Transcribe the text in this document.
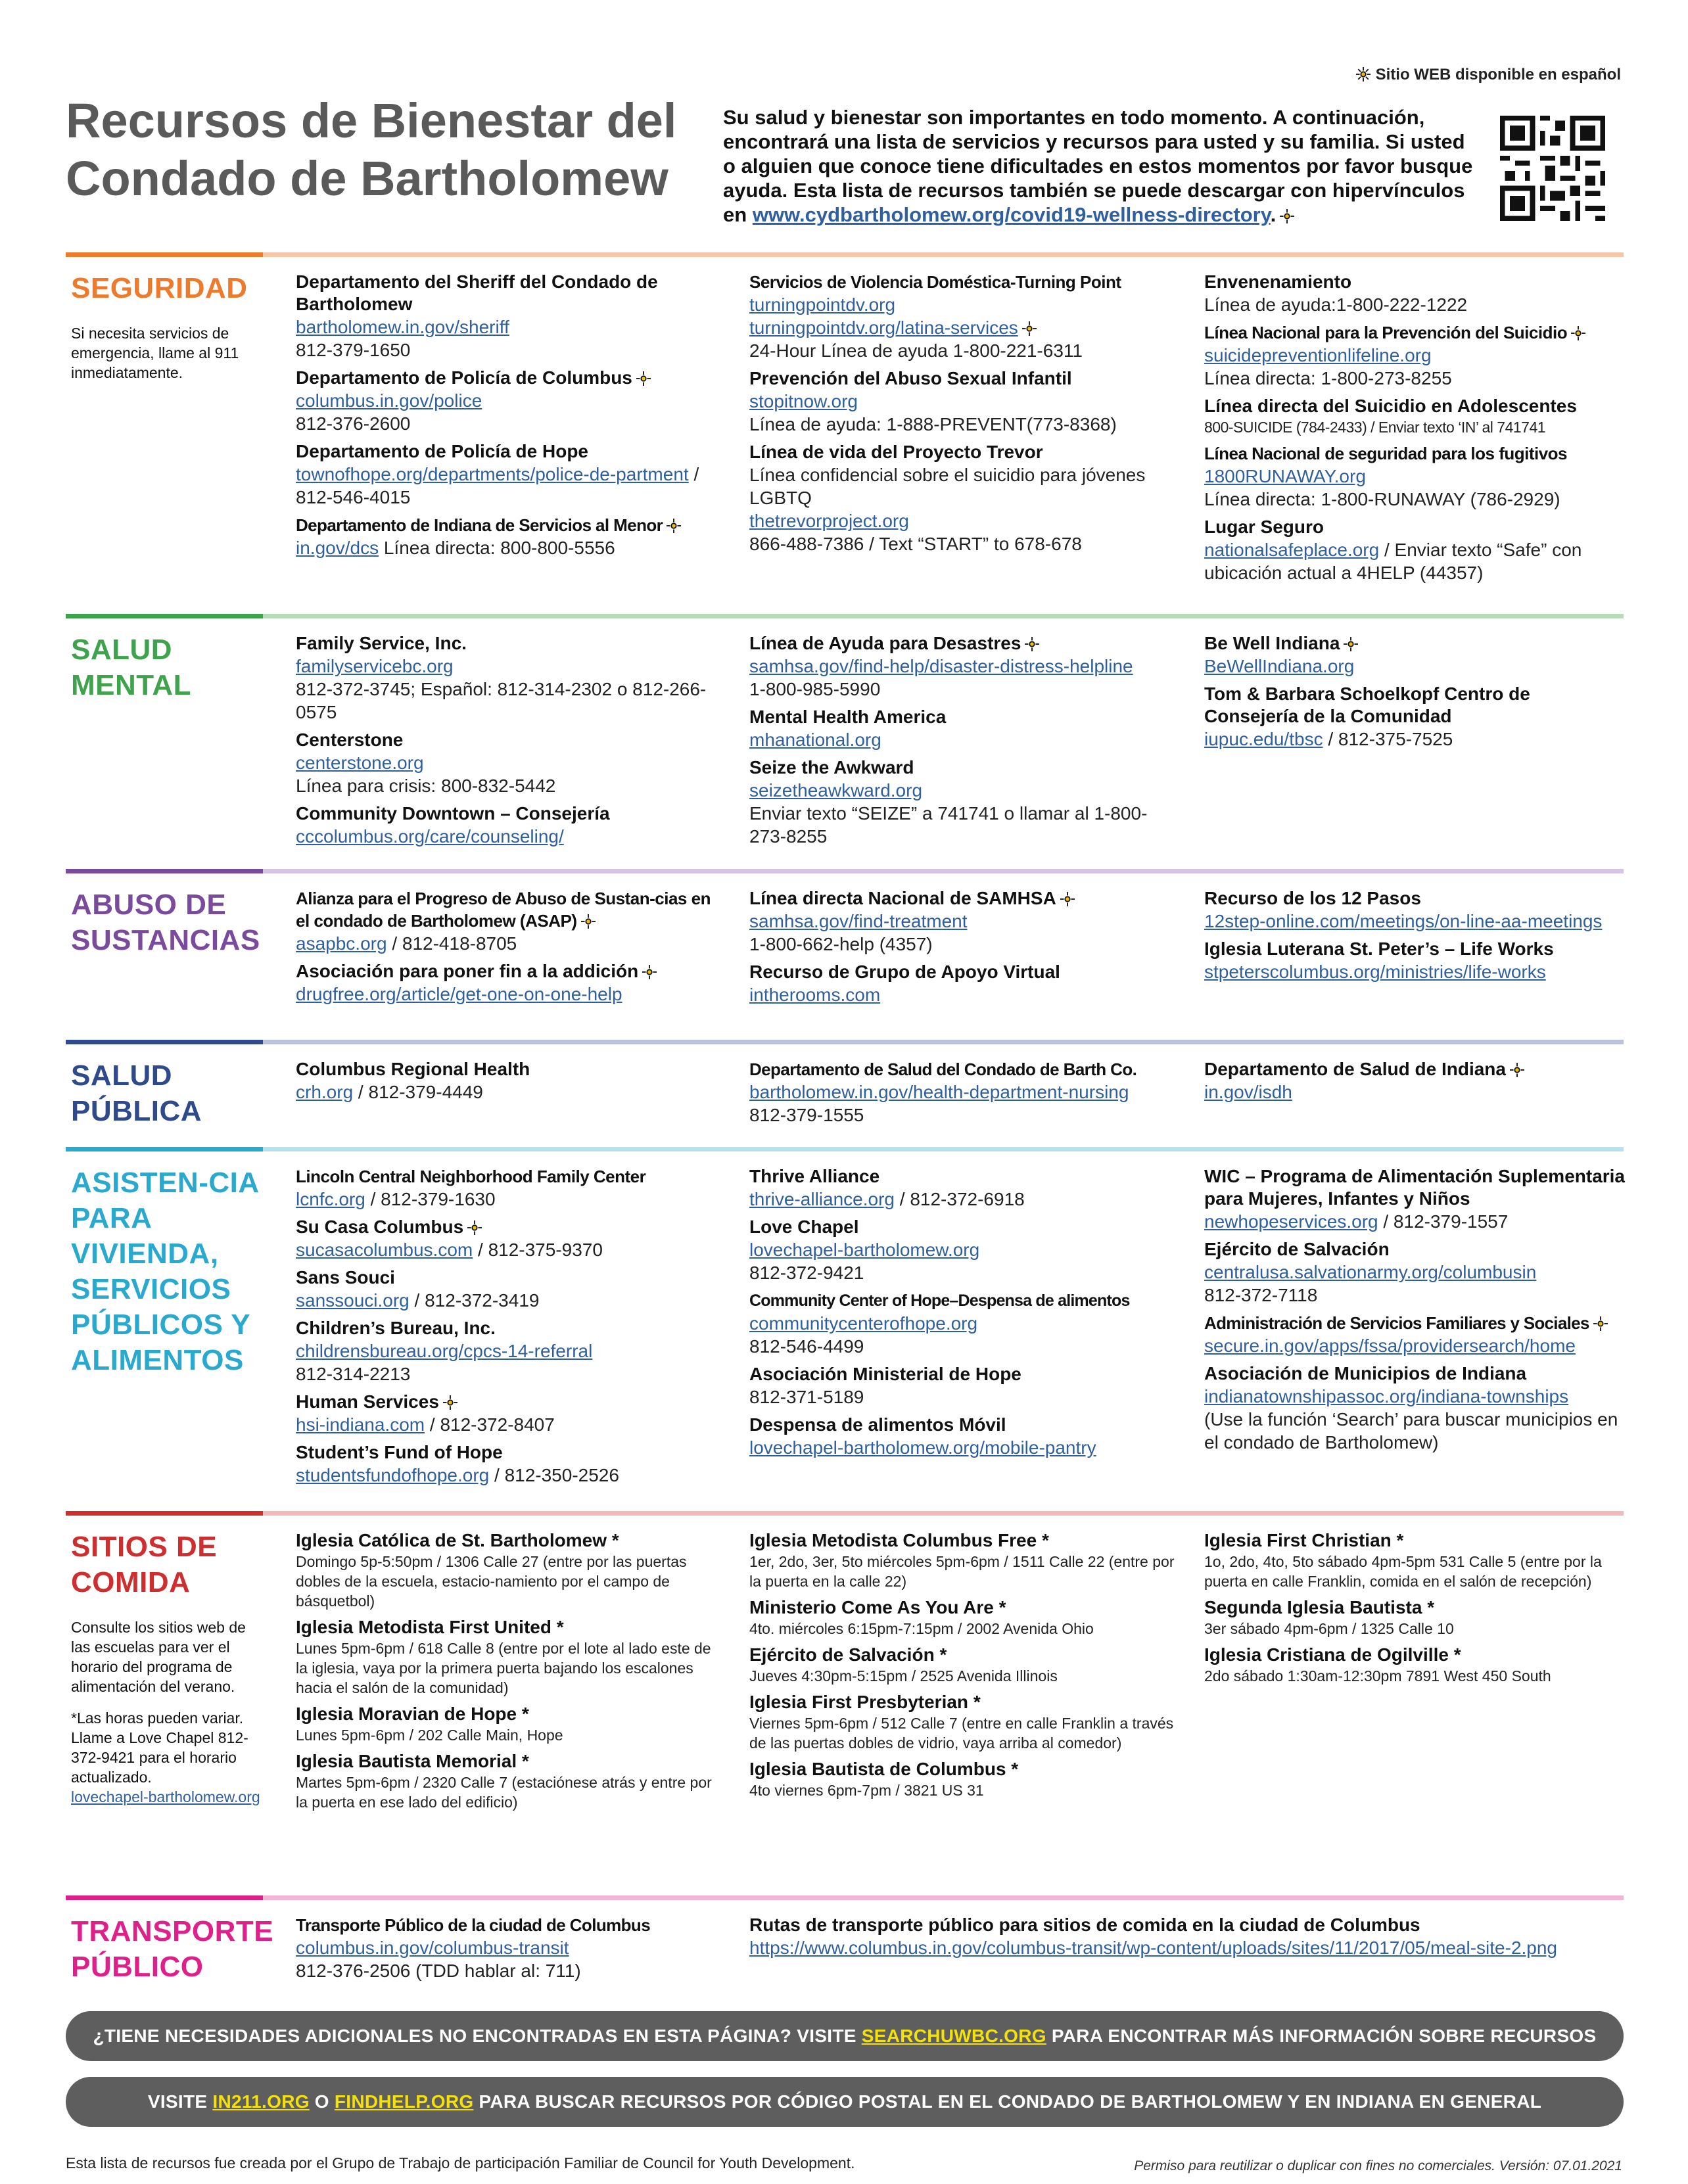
Sitio WEB disponible en español
Recursos de Bienestar del Condado de Bartholomew
Su salud y bienestar son importantes en todo momento. A continuación, encontrará una lista de servicios y recursos para usted y su familia. Si usted o alguien que conoce tiene dificultades en estos momentos por favor busque ayuda. Esta lista de recursos también se puede descargar con hipervínculos en www.cydbartholomew.org/covid19-wellness-directory.
SEGURIDAD
Si necesita servicios de emergencia, llame al 911 inmediatamente.
Departamento del Sheriff del Condado de Bartholomew
bartholomew.in.gov/sheriff
812-379-1650
Departamento de Policía de Columbus
columbus.in.gov/police
812-376-2600
Departamento de Policía de Hope
townofhope.org/departments/police-de-partment / 812-546-4015
Departamento de Indiana de Servicios al Menor
in.gov/dcs Línea directa: 800-800-5556
Servicios de Violencia Doméstica-Turning Point
turningpointdv.org
turningpointdv.org/latina-services
24-Hour Línea de ayuda 1-800-221-6311
Prevención del Abuso Sexual Infantil
stopitnow.org
Línea de ayuda: 1-888-PREVENT(773-8368)
Línea de vida del Proyecto Trevor
Línea confidencial sobre el suicidio para jóvenes LGBTQ
thetrevorproject.org
866-488-7386 / Text “START” to 678-678
Envenenamiento
Línea de ayuda:1-800-222-1222
Línea Nacional para la Prevención del Suicidio
suicidepreventionlifeline.org
Línea directa: 1-800-273-8255
Línea directa del Suicidio en Adolescentes
800-SUICIDE (784-2433) / Enviar texto ‘IN’ al 741741
Línea Nacional de seguridad para los fugitivos
1800RUNAWAY.org
Línea directa: 1-800-RUNAWAY (786-2929)
Lugar Seguro
nationalsafeplace.org / Enviar texto “Safe” con ubicación actual a 4HELP (44357)
SALUD MENTAL
Family Service, Inc.
familyservicebc.org
812-372-3745; Español: 812-314-2302 o 812-266-0575
Centerstone
centerstone.org
Línea para crisis: 800-832-5442
Community Downtown – Consejería
cccolumbus.org/care/counseling/
Línea de Ayuda para Desastres
samhsa.gov/find-help/disaster-distress-helpline
1-800-985-5990
Mental Health America
mhanational.org
Seize the Awkward
seizetheawkward.org
Enviar texto “SEIZE” a 741741 o llamar al 1-800-273-8255
Be Well Indiana
BeWellIndiana.org
Tom & Barbara Schoelkopf Centro de Consejería de la Comunidad
iupuc.edu/tbsc / 812-375-7525
ABUSO DE SUSTANCIAS
Alianza para el Progreso de Abuso de Sustan-cias en el condado de Bartholomew (ASAP)
asapbc.org / 812-418-8705
Asociación para poner fin a la addición
drugfree.org/article/get-one-on-one-help
Línea directa Nacional de SAMHSA
samhsa.gov/find-treatment
1-800-662-help (4357)
Recurso de Grupo de Apoyo Virtual
intherooms.com
Recurso de los 12 Pasos
12step-online.com/meetings/on-line-aa-meetings
Iglesia Luterana St. Peter’s – Life Works
stpeterscolumbus.org/ministries/life-works
SALUD PÚBLICA
Columbus Regional Health
crh.org / 812-379-4449
Departamento de Salud del Condado de Barth Co.
bartholomew.in.gov/health-department-nursing
812-379-1555
Departamento de Salud de Indiana
in.gov/isdh
ASISTEN-CIA PARA VIVIENDA, SERVICIOS PÚBLICOS Y ALIMENTOS
Lincoln Central Neighborhood Family Center
lcnfc.org / 812-379-1630
Su Casa Columbus
sucasacolumbus.com / 812-375-9370
Sans Souci
sanssouci.org / 812-372-3419
Children’s Bureau, Inc.
childrensbureau.org/cpcs-14-referral
812-314-2213
Human Services
hsi-indiana.com / 812-372-8407
Student’s Fund of Hope
studentsfundofhope.org / 812-350-2526
Thrive Alliance
thrive-alliance.org / 812-372-6918
Love Chapel
lovechapel-bartholomew.org
812-372-9421
Community Center of Hope–Despensa de alimentos
communitycenterofhope.org
812-546-4499
Asociación Ministerial de Hope
812-371-5189
Despensa de alimentos Móvil
lovechapel-bartholomew.org/mobile-pantry
WIC – Programa de Alimentación Suplementaria para Mujeres, Infantes y Niños
newhopeservices.org / 812-379-1557
Ejército de Salvación
centralusa.salvationarmy.org/columbusin
812-372-7118
Administración de Servicios Familiares y Sociales
secure.in.gov/apps/fssa/providersearch/home
Asociación de Municipios de Indiana
indianatownshipassoc.org/indiana-townships
(Use la función ‘Search’ para buscar municipios en el condado de Bartholomew)
SITIOS DE COMIDA
Consulte los sitios web de las escuelas para ver el horario del programa de alimentación del verano.
*Las horas pueden variar. Llame a Love Chapel 812-372-9421 para el horario actualizado.
lovechapel-bartholomew.org
Iglesia Católica de St. Bartholomew *
Domingo 5p-5:50pm / 1306 Calle 27 (entre por las puertas dobles de la escuela, estacio-namiento por el campo de básquetbol)
Iglesia Metodista First United *
Lunes 5pm-6pm / 618 Calle 8 (entre por el lote al lado este de la iglesia, vaya por la primera puerta bajando los escalones hacia el salón de la comunidad)
Iglesia Moravian de Hope *
Lunes 5pm-6pm / 202 Calle Main, Hope
Iglesia Bautista Memorial *
Martes 5pm-6pm / 2320 Calle 7 (estaciónese atrás y entre por la puerta en ese lado del edificio)
Iglesia Metodista Columbus Free *
1er, 2do, 3er, 5to miércoles 5pm-6pm / 1511 Calle 22 (entre por la puerta en la calle 22)
Ministerio Come As You Are *
4to. miércoles 6:15pm-7:15pm / 2002 Avenida Ohio
Ejército de Salvación *
Jueves 4:30pm-5:15pm / 2525 Avenida Illinois
Iglesia First Presbyterian *
Viernes 5pm-6pm / 512 Calle 7 (entre en calle Franklin a través de las puertas dobles de vidrio, vaya arriba al comedor)
Iglesia Bautista de Columbus *
4to viernes 6pm-7pm / 3821 US 31
Iglesia First Christian *
1o, 2do, 4to, 5to sábado 4pm-5pm 531 Calle 5 (entre por la puerta en calle Franklin, comida en el salón de recepción)
Segunda Iglesia Bautista *
3er sábado 4pm-6pm / 1325 Calle 10
Iglesia Cristiana de Ogilville *
2do sábado 1:30am-12:30pm 7891 West 450 South
TRANSPORTE PÚBLICO
Transporte Público de la ciudad de Columbus
columbus.in.gov/columbus-transit
812-376-2506 (TDD hablar al: 711)
Rutas de transporte público para sitios de comida en la ciudad de Columbus
https://www.columbus.in.gov/columbus-transit/wp-content/uploads/sites/11/2017/05/meal-site-2.png
¿TIENE NECESIDADES ADICIONALES NO ENCONTRADAS EN ESTA PÁGINA? VISITE SEARCHUWBC.ORG PARA ENCONTRAR MÁS INFORMACIÓN SOBRE RECURSOS
VISITE IN211.ORG O FINDHELP.ORG PARA BUSCAR RECURSOS POR CÓDIGO POSTAL EN EL CONDADO DE BARTHOLOMEW Y EN INDIANA EN GENERAL
Esta lista de recursos fue creada por el Grupo de Trabajo de participación Familiar de Council for Youth Development.	Permiso para reutilizar o duplicar con fines no comerciales. Versión: 07.01.2021
